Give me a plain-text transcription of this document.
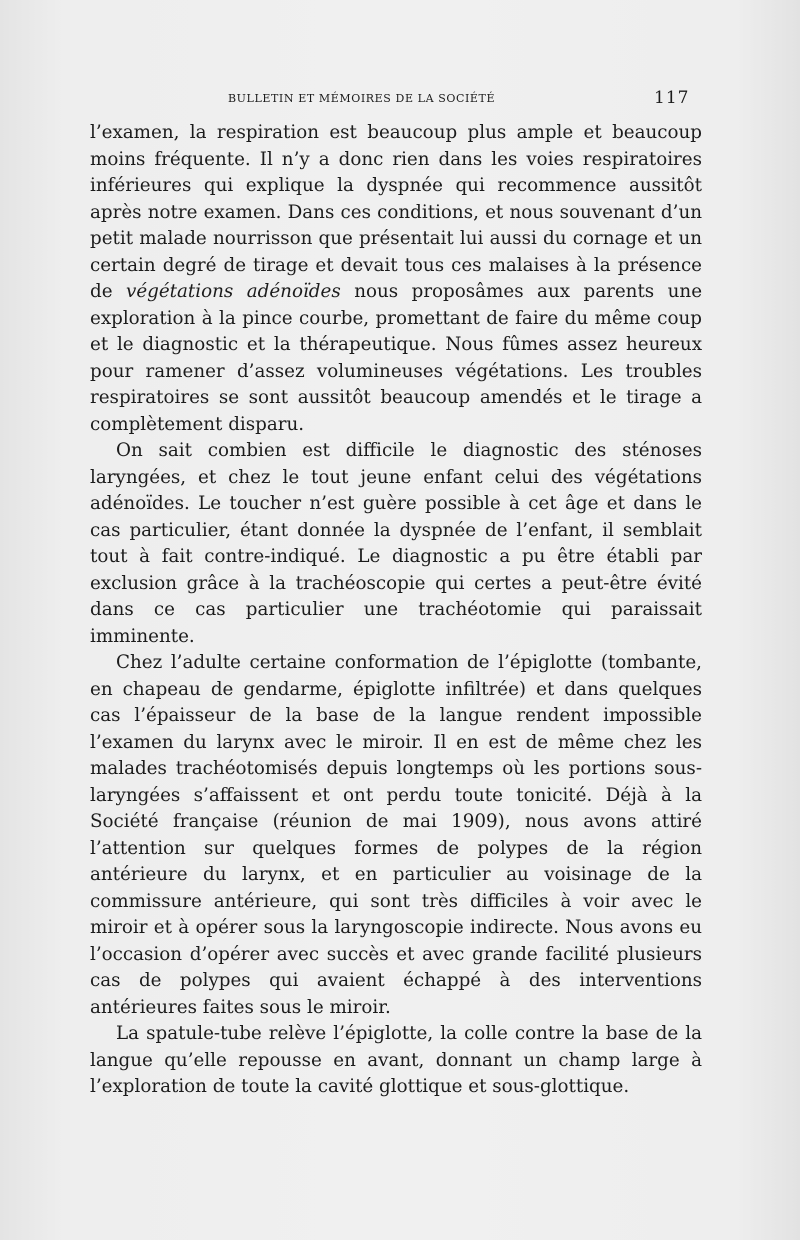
BULLETIN ET MÉMOIRES DE LA SOCIÉTÉ	117

l’examen, la respiration est beaucoup plus ample et beaucoup moins fréquente. Il n’y a donc rien dans les voies respiratoires inférieures qui explique la dyspnée qui recommence aussitôt après notre examen. Dans ces conditions, et nous souvenant d’un petit malade nourrisson que présentait lui aussi du cornage et un certain degré de tirage et devait tous ces malaises à la présence de végétations adénoïdes nous proposâmes aux parents une exploration à la pince courbe, promettant de faire du même coup et le diagnostic et la thérapeutique. Nous fûmes assez heureux pour ramener d’assez volumineuses végétations. Les troubles respiratoires se sont aussitôt beaucoup amendés et le tirage a complètement disparu.

On sait combien est difficile le diagnostic des sténoses laryngées, et chez le tout jeune enfant celui des végétations adénoïdes. Le toucher n’est guère possible à cet âge et dans le cas particulier, étant donnée la dyspnée de l’enfant, il semblait tout à fait contre-indiqué. Le diagnostic a pu être établi par exclusion grâce à la trachéoscopie qui certes a peut-être évité dans ce cas particulier une trachéotomie qui paraissait imminente.

Chez l’adulte certaine conformation de l’épiglotte (tombante, en chapeau de gendarme, épiglotte infiltrée) et dans quelques cas l’épaisseur de la base de la langue rendent impossible l’examen du larynx avec le miroir. Il en est de même chez les malades trachéotomisés depuis longtemps où les portions sous-laryngées s’affaissent et ont perdu toute tonicité. Déjà à la Société française (réunion de mai 1909), nous avons attiré l’attention sur quelques formes de polypes de la région antérieure du larynx, et en particulier au voisinage de la commissure antérieure, qui sont très difficiles à voir avec le miroir et à opérer sous la laryngoscopie indirecte. Nous avons eu l’occasion d’opérer avec succès et avec grande facilité plusieurs cas de polypes qui avaient échappé à des interventions antérieures faites sous le miroir.

La spatule-tube relève l’épiglotte, la colle contre la base de la langue qu’elle repousse en avant, donnant un champ large à l’exploration de toute la cavité glottique et sous-glottique.
